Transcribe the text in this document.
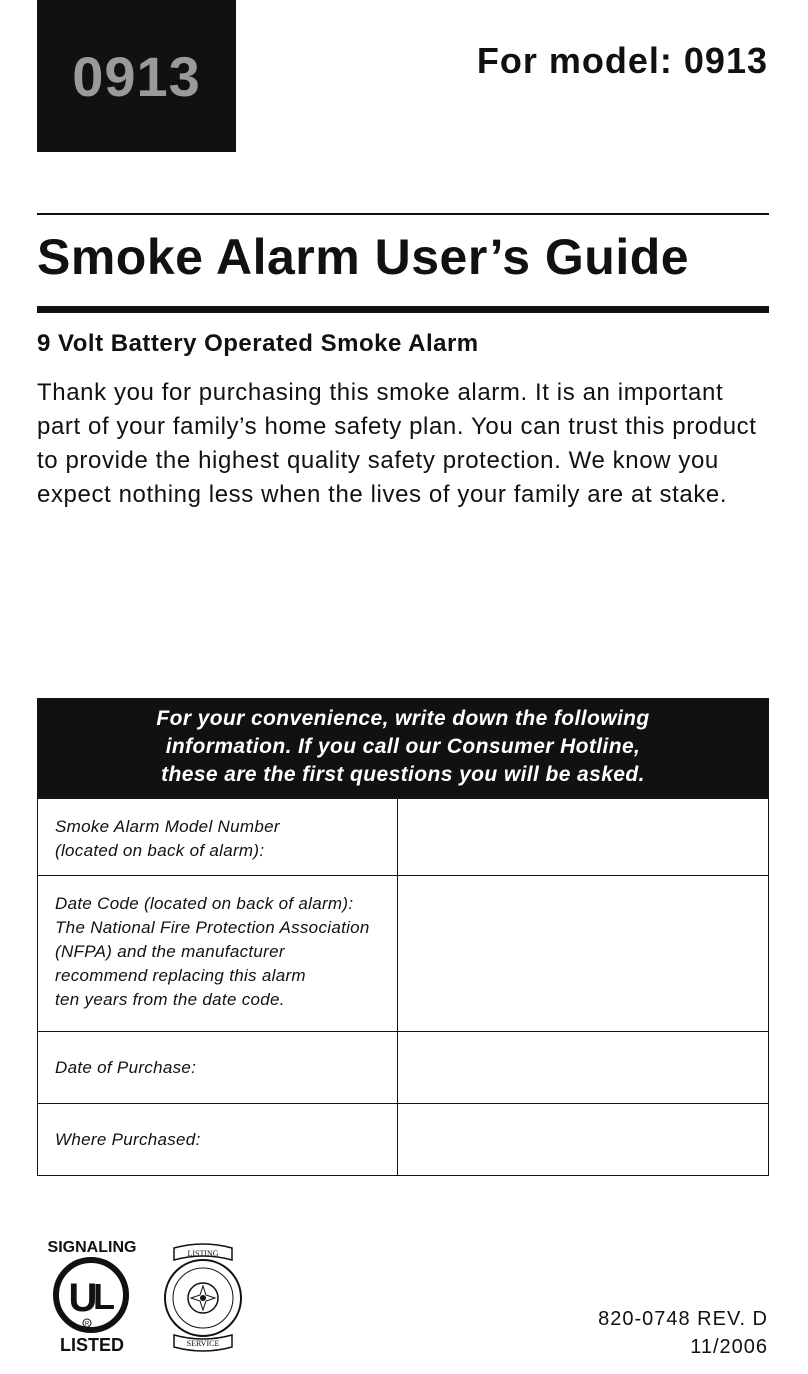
0913	For model: 0913
Smoke Alarm User’s Guide
9 Volt Battery Operated Smoke Alarm

Thank you for purchasing this smoke alarm. It is an important part of your family’s home safety plan. You can trust this product to provide the highest quality safety protection. We know you expect nothing less when the lives of your family are at stake.

For your convenience, write down the following
information. If you call our Consumer Hotline,
these are the first questions you will be asked.
Smoke Alarm Model Number
(located on back of alarm):
Date Code (located on back of alarm):
The National Fire Protection Association
(NFPA) and the manufacturer
recommend replacing this alarm
ten years from the date code.
Date of Purchase:
Where Purchased:
SIGNALING
U
L
R
LISTED
LISTING
SERVICE
820-0748 REV. D
11/2006
